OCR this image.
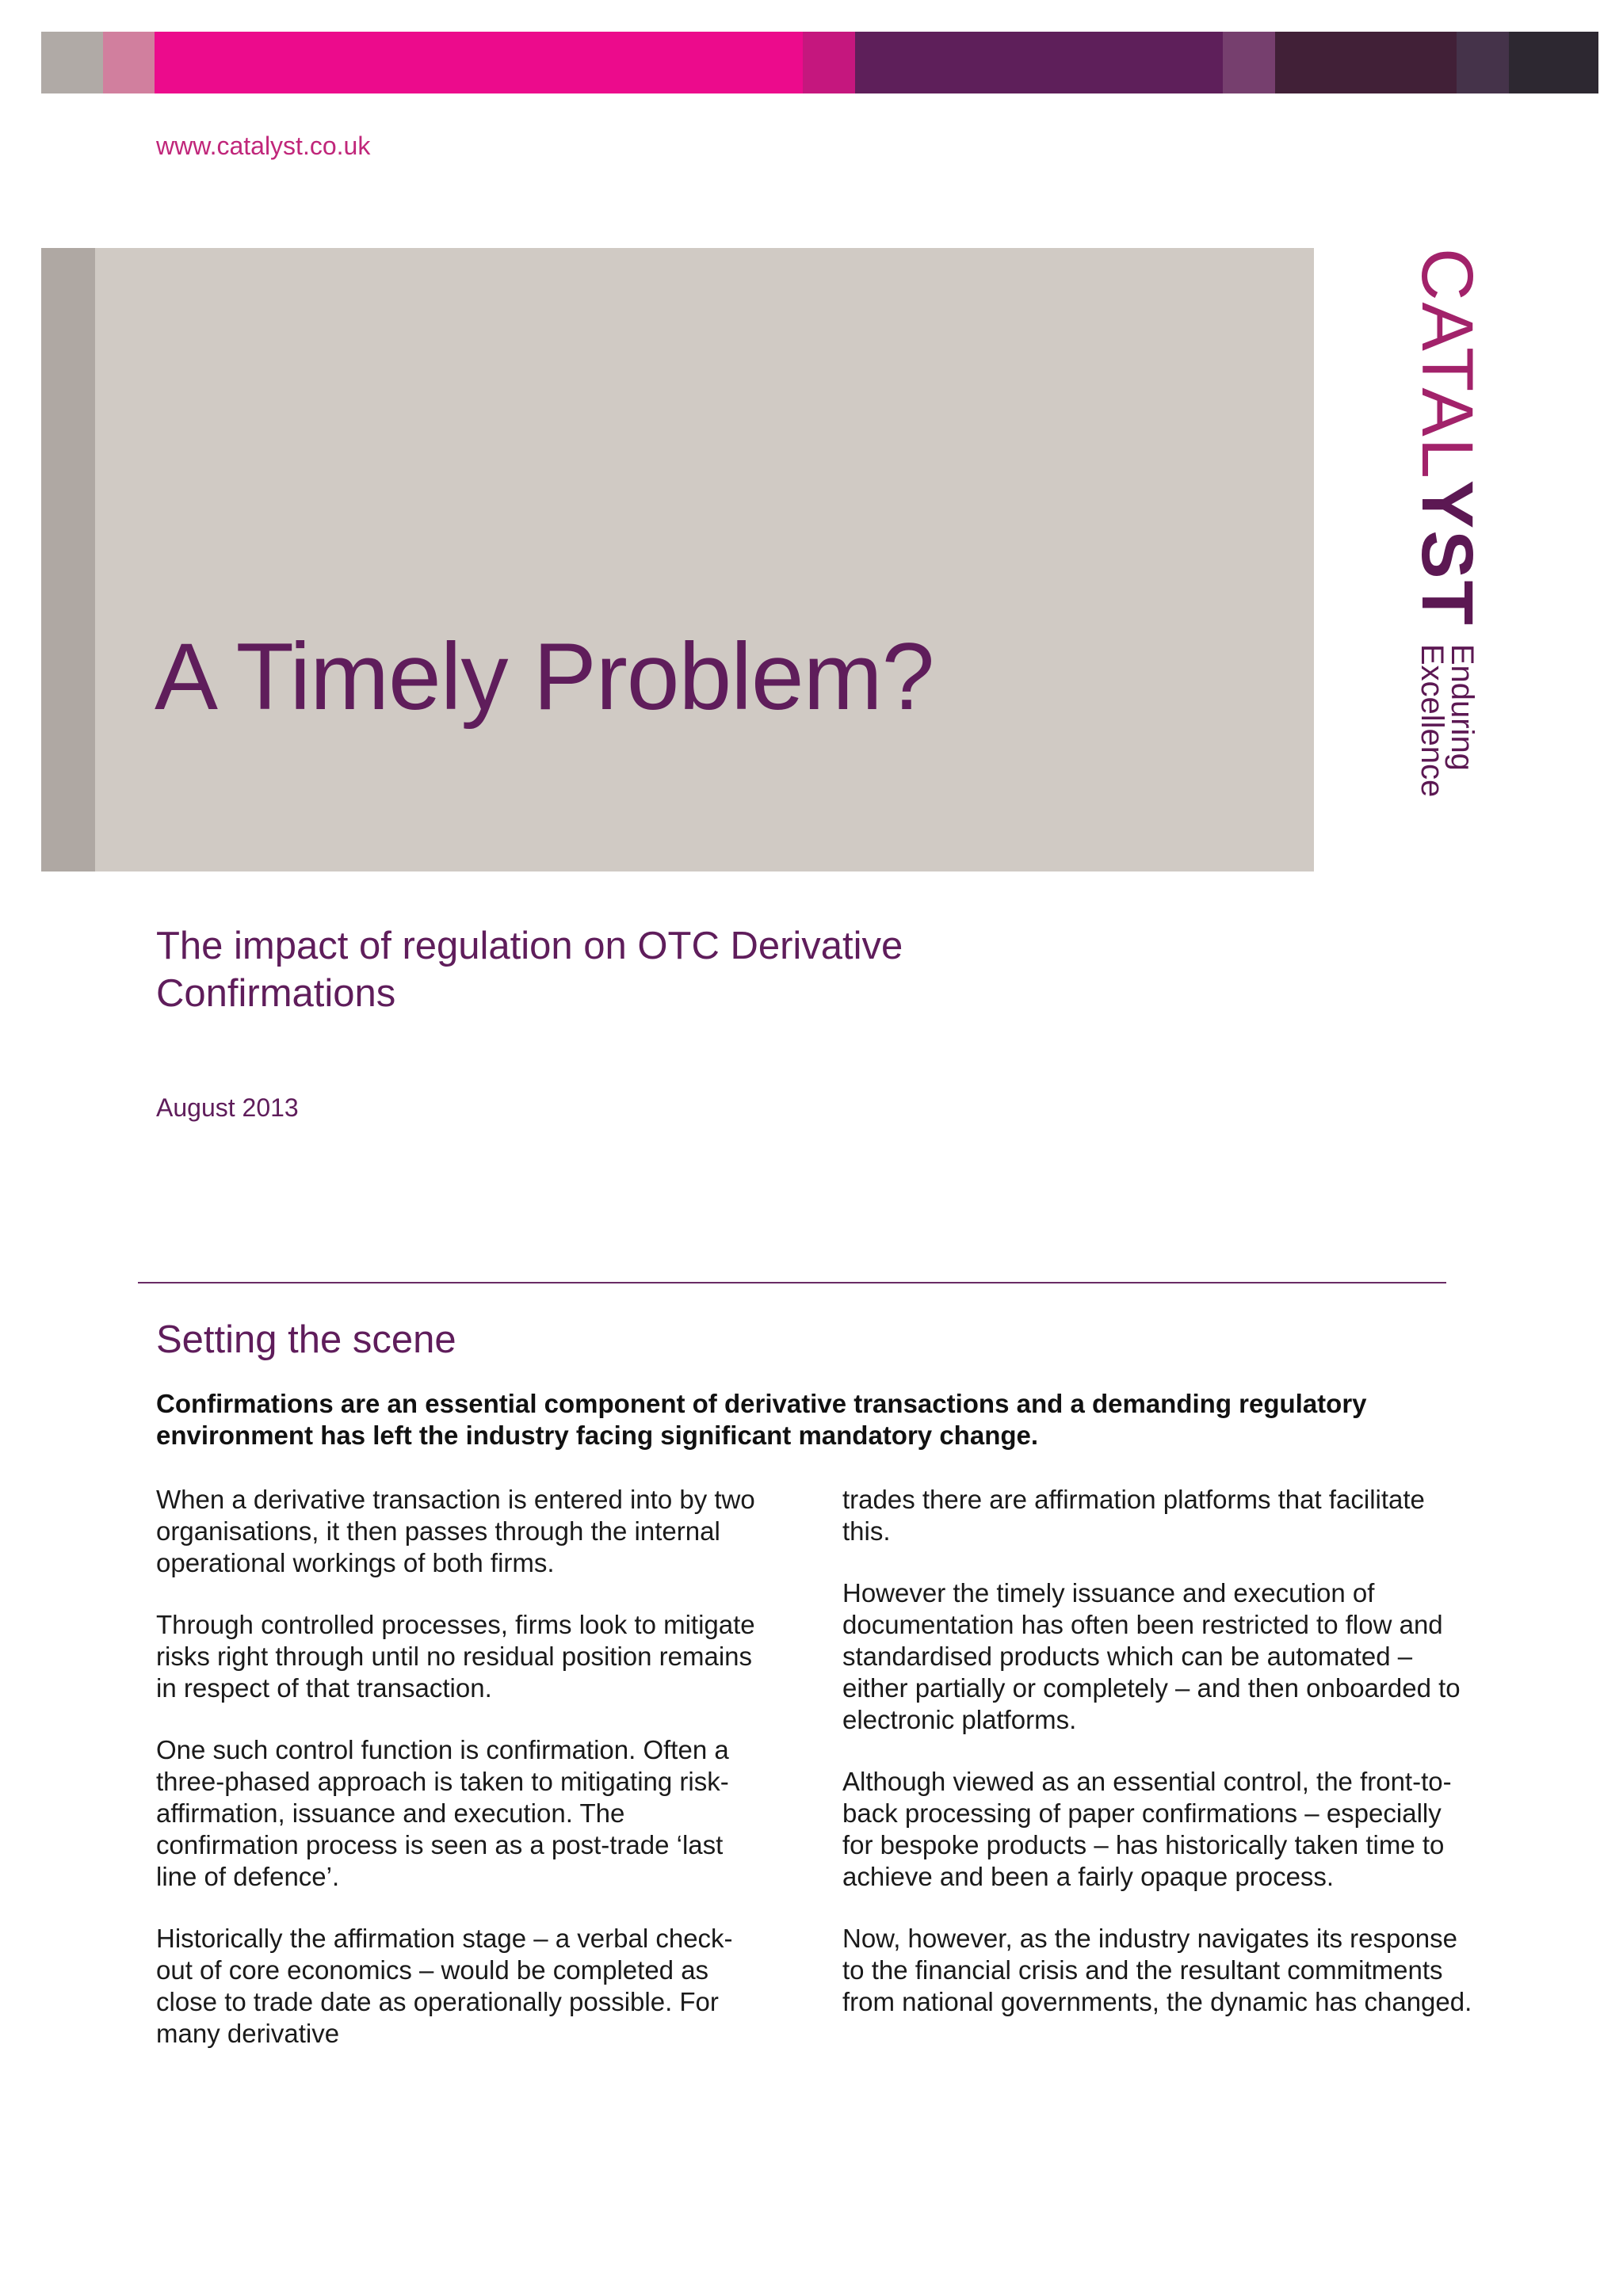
www.catalyst.co.uk
A Timely Problem?
CATAL
YST
Enduring
Excellence
The impact of regulation on OTC Derivative
Confirmations
August 2013
Setting the scene
Confirmations are an essential component of derivative transactions and a demanding regulatory environment has left the industry facing significant mandatory change.

When a derivative transaction is entered into by two organisations, it then passes through the internal operational workings of both firms.

Through controlled processes, firms look to mitigate risks right through until no residual position remains in respect of that transaction.

One such control function is confirmation. Often a three-phased approach is taken to mitigating risk-affirmation, issuance and execution. The confirmation process is seen as a post-trade ‘last line of defence’.

Historically the affirmation stage – a verbal check-out of core economics – would be completed as close to trade date as operationally possible. For many derivative

trades there are affirmation platforms that facilitate this.

However the timely issuance and execution of documentation has often been restricted to flow and standardised products which can be automated – either partially or completely – and then onboarded to electronic platforms.

Although viewed as an essential control, the front-to-back processing of paper confirmations – especially for bespoke products – has historically taken time to achieve and been a fairly opaque process.

Now, however, as the industry navigates its response to the financial crisis and the resultant commitments from national governments, the dynamic has changed.
